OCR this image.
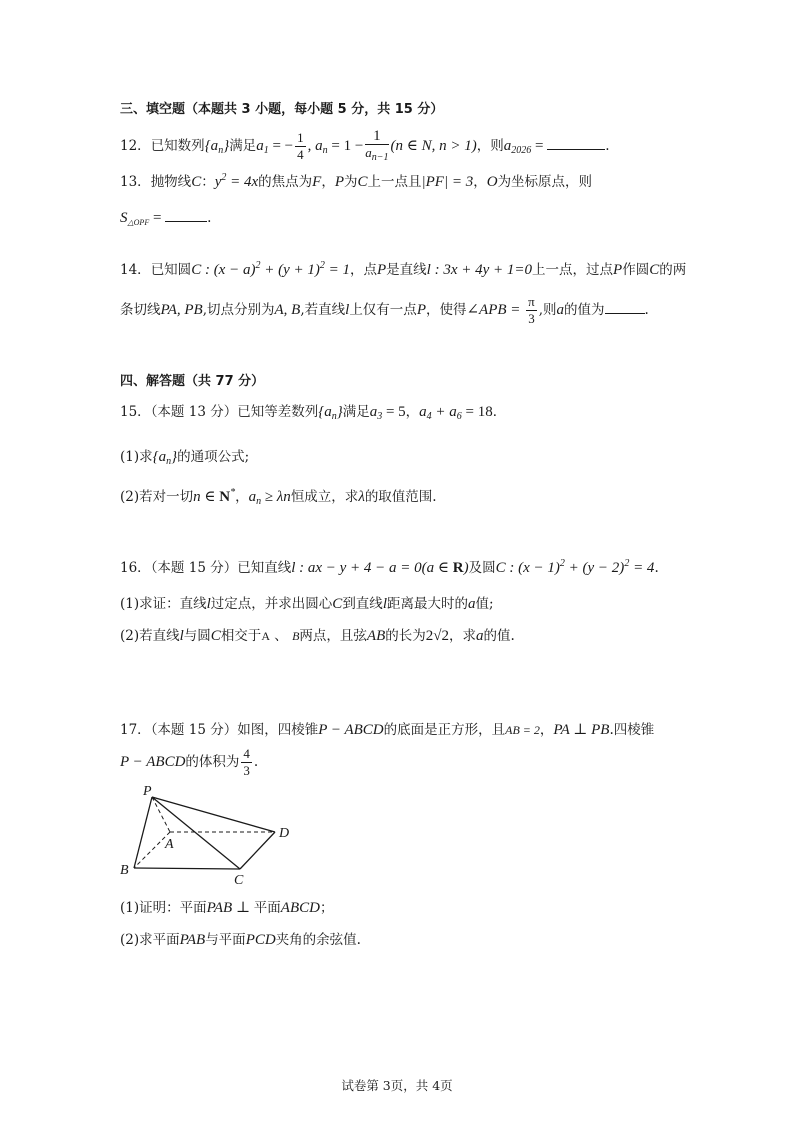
三、填空题（本题共 3 小题，每小题 5 分，共 15 分）
12．已知数列$\{a_n\}$满足$a_1$ = − $\frac{1}{4}$ , $a_n = 1 - \frac{1}{a_{n-1}} (n$ ∈ N, n > 1)，则$a_{2026}$ =	.
13．抛物线C：$y^2 = 4x$的焦点为F，P为C上一点且|PF| = 3，O为坐标原点，则
$S_{\triangle OPF}$ =	.
14．已知圆C : $(x - a)^2 + (y + 1)^2 = 1$，点P是直线l : 3x + 4y + 1=0上一点，过点P作圆C的两
条切线PA, PB,切点分别为A, B,若直线l上仅有一点P，使得∠APB = $\frac{\pi}{3}$ ,则a的值为	.
四、解答题（共 77 分）
15．（本题 13 分）已知等差数列$\{a_n\}$满足$a_3 = 5$，$a_4 + a_6 = 18$．
(1)求$\{a_n\}$的通项公式;
(2)若对一切n ∈ N*，$a_n \ge \lambda n$恒成立，求λ的取值范围.
16．（本题 15 分）已知直线l : ax − y + 4 − a = 0(a ∈ R)及圆C : $(x - 1)^2 + (y - 2)^2 = 4$.
(1)求证：直线l过定点，并求出圆心C到直线l距离最大时的a值;
(2)若直线l与圆C相交于A 、 B两点，且弦AB的长为2√2，求a的值.
17．（本题 15 分）如图，四棱锥P − ABCD的底面是正方形，且AB = 2，PA ⊥ PB.四棱锥
P − ABCD的体积为 $\frac{4}{3}$ .
P
A
B
C
D
(1)证明：平面PAB ⊥ 平面ABCD；
(2)求平面PAB与平面PCD夹角的余弦值.
试卷第 3页，共 4页
